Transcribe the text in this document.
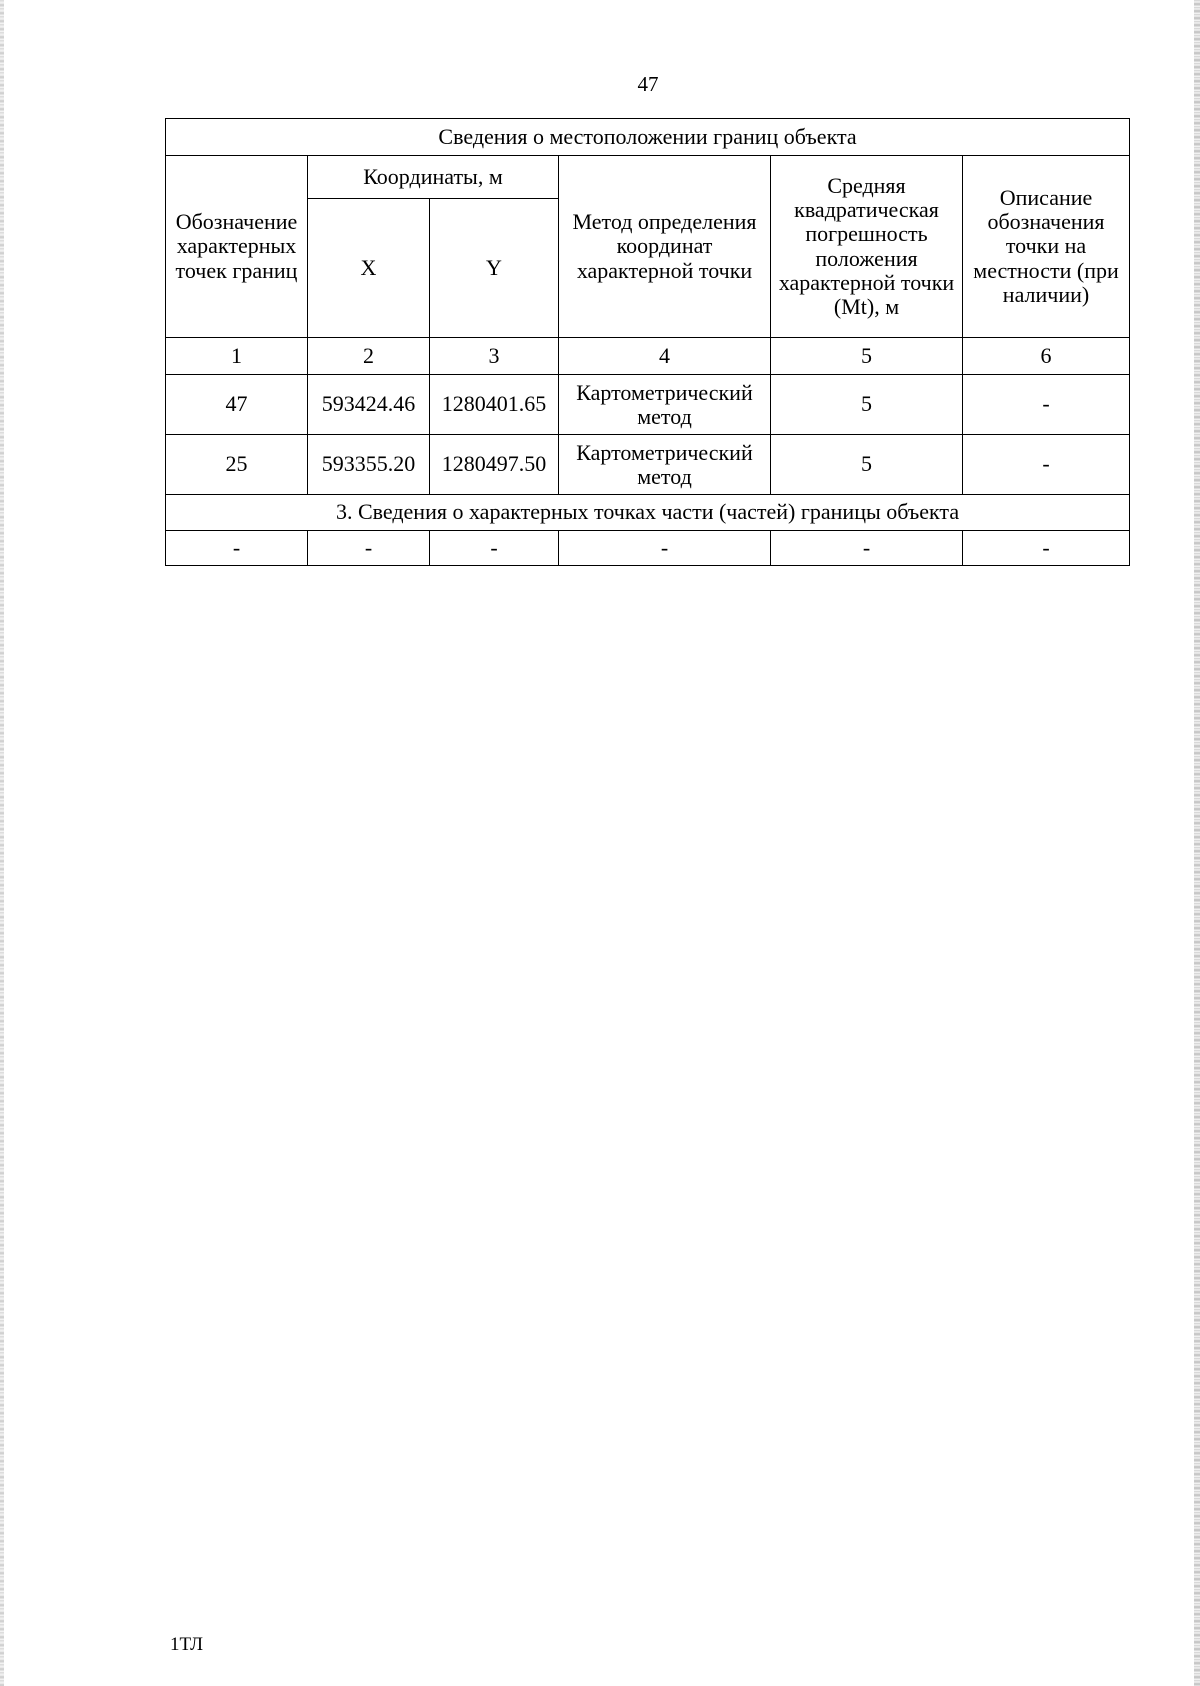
47
Сведения о местоположении границ объекта					
Обозначение характерных точек границ	Координаты, м		Метод определения координат характерной точки	Средняя квадратическая погрешность положения характерной точки (Mt), м	Описание обозначения точки на местности (при наличии)
	X	Y			
1	2	3	4	5	6
47	593424.46	1280401.65	Картометрический метод	5	-
25	593355.20	1280497.50	Картометрический метод	5	-
3. Сведения о характерных точках части (частей) границы объекта					
-	-	-	-	-	-
1ТЛ
